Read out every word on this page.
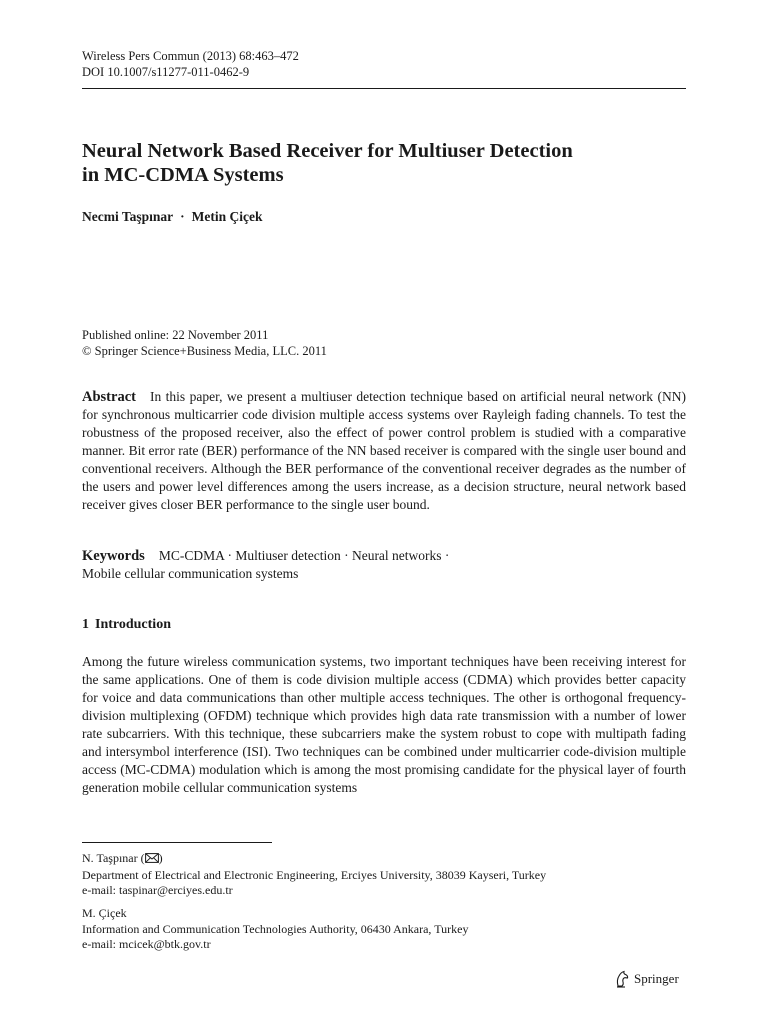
Wireless Pers Commun (2013) 68:463–472
DOI 10.1007/s11277-011-0462-9
Neural Network Based Receiver for Multiuser Detection
in MC-CDMA Systems
Necmi Taşpınar · Metin Çiçek
Published online: 22 November 2011
© Springer Science+Business Media, LLC. 2011
Abstract In this paper, we present a multiuser detection technique based on artificial neural network (NN) for synchronous multicarrier code division multiple access systems over Rayleigh fading channels. To test the robustness of the proposed receiver, also the effect of power control problem is studied with a comparative manner. Bit error rate (BER) performance of the NN based receiver is compared with the single user bound and conventional receivers. Although the BER performance of the conventional receiver degrades as the number of the users and power level differences among the users increase, as a decision structure, neural network based receiver gives closer BER performance to the single user bound.
Keywords MC-CDMA · Multiuser detection · Neural networks ·
Mobile cellular communication systems
1 Introduction
Among the future wireless communication systems, two important techniques have been receiving interest for the same applications. One of them is code division multiple access (CDMA) which provides better capacity for voice and data communications than other multiple access techniques. The other is orthogonal frequency-division multiplexing (OFDM) technique which provides high data rate transmission with a number of lower rate subcarriers. With this technique, these subcarriers make the system robust to cope with multipath fading and intersymbol interference (ISI). Two techniques can be combined under multicarrier code-division multiple access (MC-CDMA) modulation which is among the most promising candidate for the physical layer of fourth generation mobile cellular communication systems
N. Taşpınar ( )
Department of Electrical and Electronic Engineering, Erciyes University, 38039 Kayseri, Turkey
e-mail: taspinar@erciyes.edu.tr
M. Çiçek
Information and Communication Technologies Authority, 06430 Ankara, Turkey
e-mail: mcicek@btk.gov.tr
Springer
